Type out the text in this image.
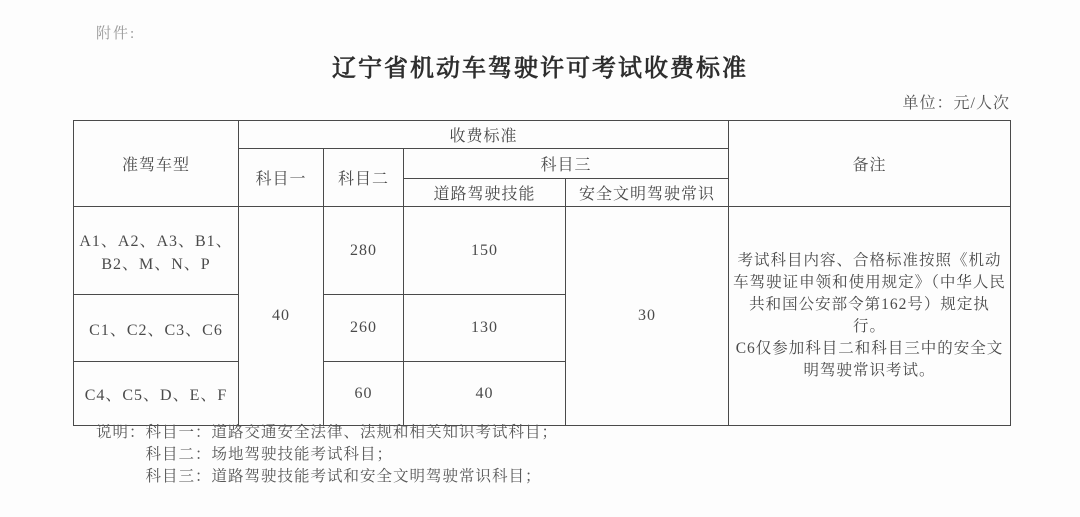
附件:
辽宁省机动车驾驶许可考试收费标准
单位：元/人次
准驾车型	收费标准				备注
	科目一	科目二	科目三		
			道路驾驶技能	安全文明驾驶常识	
A1、A2、A3、B1、B2、M、N、P	40	280	150	30	考试科目内容、合格标准按照《机动车驾驶证申领和使用规定》（中华人民共和国公安部令第162号）规定执行。

C6仅参加科目二和科目三中的安全文明驾驶常识考试。

C1、C2、C3、C6		260	130		
C4、C5、D、E、F		60	40		
说明： 科目一：道路交通安全法律、法规和相关知识考试科目；
科目二：场地驾驶技能考试科目；
科目三：道路驾驶技能考试和安全文明驾驶常识科目；
